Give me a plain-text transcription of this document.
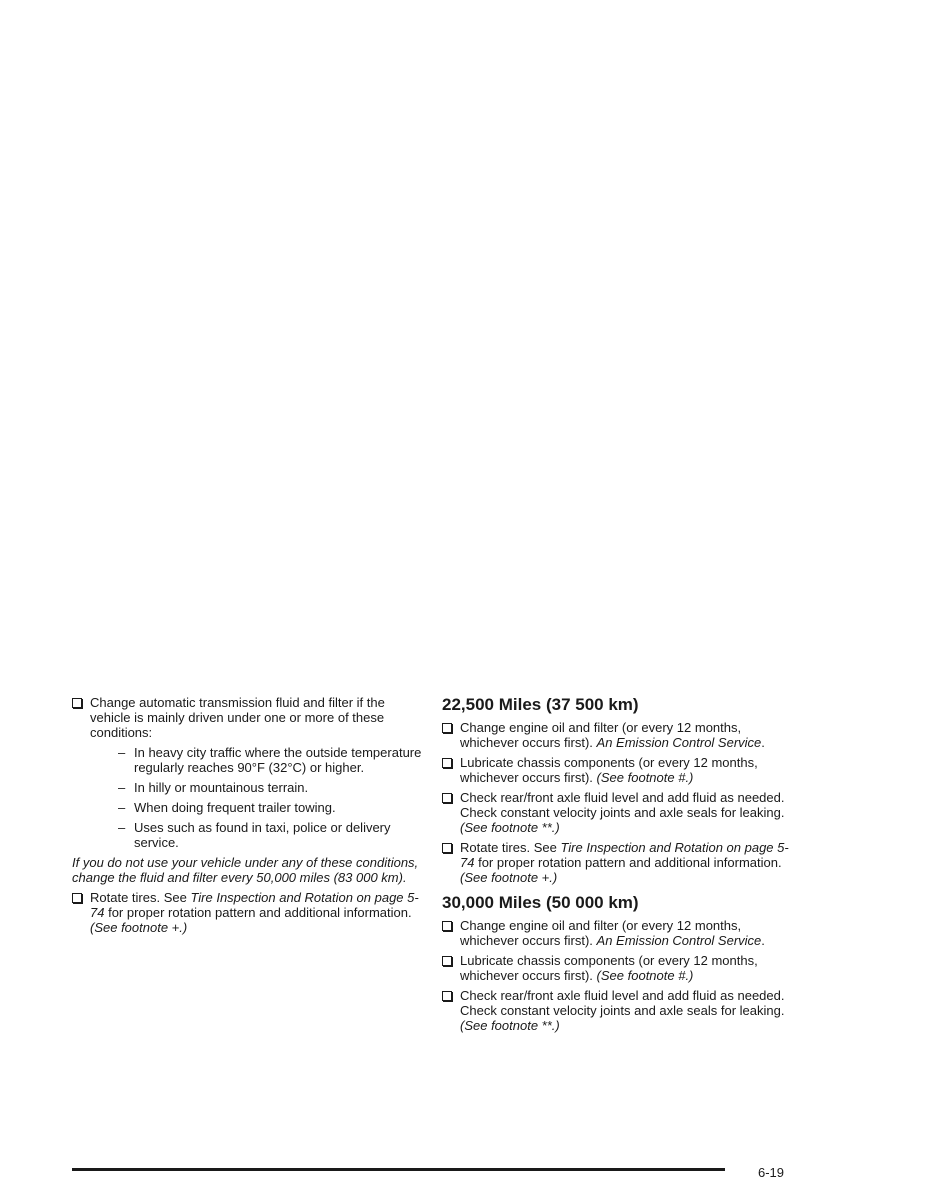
Change automatic transmission fluid and filter if the vehicle is mainly driven under one or more of these conditions:
– In heavy city traffic where the outside temperature regularly reaches 90°F (32°C) or higher.
– In hilly or mountainous terrain.
– When doing frequent trailer towing.
– Uses such as found in taxi, police or delivery service.
If you do not use your vehicle under any of these conditions, change the fluid and filter every 50,000 miles (83 000 km).
Rotate tires. See Tire Inspection and Rotation on page 5-74 for proper rotation pattern and additional information. (See footnote +.)
22,500 Miles (37 500 km)
Change engine oil and filter (or every 12 months, whichever occurs first). An Emission Control Service.
Lubricate chassis components (or every 12 months, whichever occurs first). (See footnote #.)
Check rear/front axle fluid level and add fluid as needed. Check constant velocity joints and axle seals for leaking. (See footnote **.)
Rotate tires. See Tire Inspection and Rotation on page 5-74 for proper rotation pattern and additional information. (See footnote +.)
30,000 Miles (50 000 km)
Change engine oil and filter (or every 12 months, whichever occurs first). An Emission Control Service.
Lubricate chassis components (or every 12 months, whichever occurs first). (See footnote #.)
Check rear/front axle fluid level and add fluid as needed. Check constant velocity joints and axle seals for leaking. (See footnote **.)
6-19
